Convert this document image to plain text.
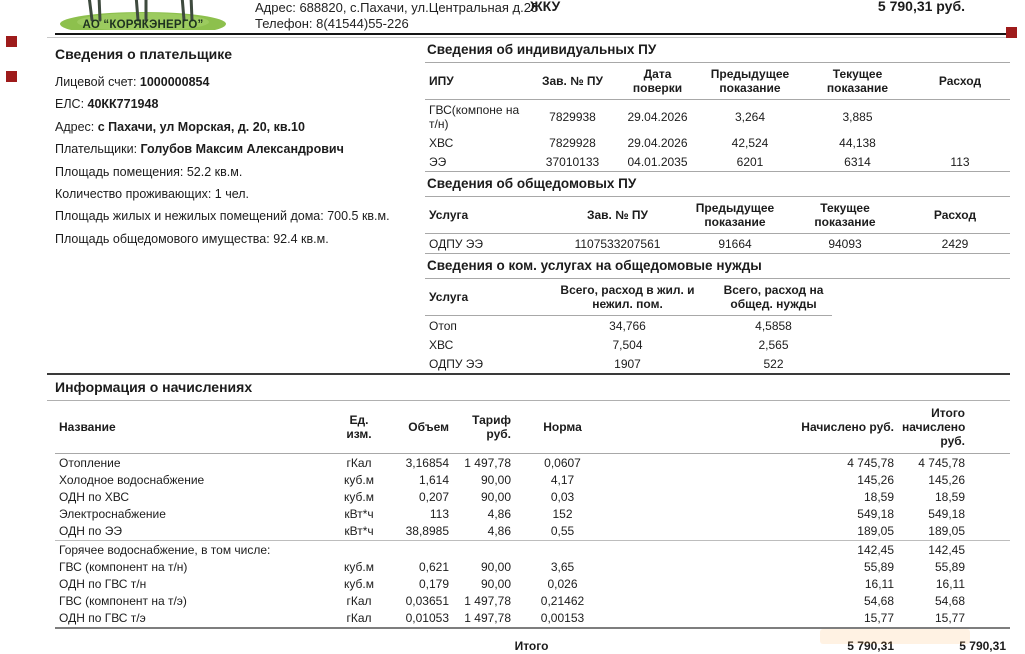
АО “КОРЯКЭНЕРГО”
Адрес: 688820, с.Пахачи, ул.Центральная д.25
Телефон: 8(41544)55-226
ЖКУ	5 790,31 руб.
Сведения о плательщике
Лицевой счет: 1000000854
ЕЛС: 40КК771948
Адрес: с Пахачи, ул Морская, д. 20, кв.10
Плательщики: Голубов Максим Александрович
Площадь помещения: 52.2 кв.м.
Количество проживающих: 1 чел.
Площадь жилых и нежилых помещений дома: 700.5 кв.м.
Площадь общедомового имущества: 92.4 кв.м.
Сведения об индивидуальных ПУ
ИПУ	Зав. № ПУ	Дата поверки	Предыдущее показание	Текущее показание	Расход
ГВС(компоне на т/н)	7829938	29.04.2026	3,264	3,885	
ХВС	7829928	29.04.2026	42,524	44,138	
ЭЭ	37010133	04.01.2035	6201	6314	113
Сведения об общедомовых ПУ
Услуга	Зав. № ПУ	Предыдущее показание	Текущее показание	Расход
ОДПУ ЭЭ	1107533207561	91664	94093	2429
Сведения о ком. услугах на общедомовые нужды
Услуга	Всего, расход в жил. и нежил. пом.	Всего, расход на общед. нужды
Отоп	34,766	4,5858
ХВС	7,504	2,565
ОДПУ ЭЭ	1907	522
Информация о начислениях
Название	Ед. изм.	Объем	Тариф руб.	Норма	Начислено руб.	Итого начислено руб.
Отопление	гКал	3,16854	1 497,78	0,0607	4 745,78	4 745,78
Холодное водоснабжение	куб.м	1,614	90,00	4,17	145,26	145,26
ОДН по ХВС	куб.м	0,207	90,00	0,03	18,59	18,59
Электроснабжение	кВт*ч	113	4,86	152	549,18	549,18
ОДН по ЭЭ	кВт*ч	38,8985	4,86	0,55	189,05	189,05
Горячее водоснабжение, в том числе:					142,45	142,45
ГВС (компонент на т/н)	куб.м	0,621	90,00	3,65	55,89	55,89
ОДН по ГВС т/н	куб.м	0,179	90,00	0,026	16,11	16,11
ГВС (компонент на т/э)	гКал	0,03651	1 497,78	0,21462	54,68	54,68
ОДН по ГВС т/э	гКал	0,01053	1 497,78	0,00153	15,77	15,77
			Итого		5 790,31	5 790,31
